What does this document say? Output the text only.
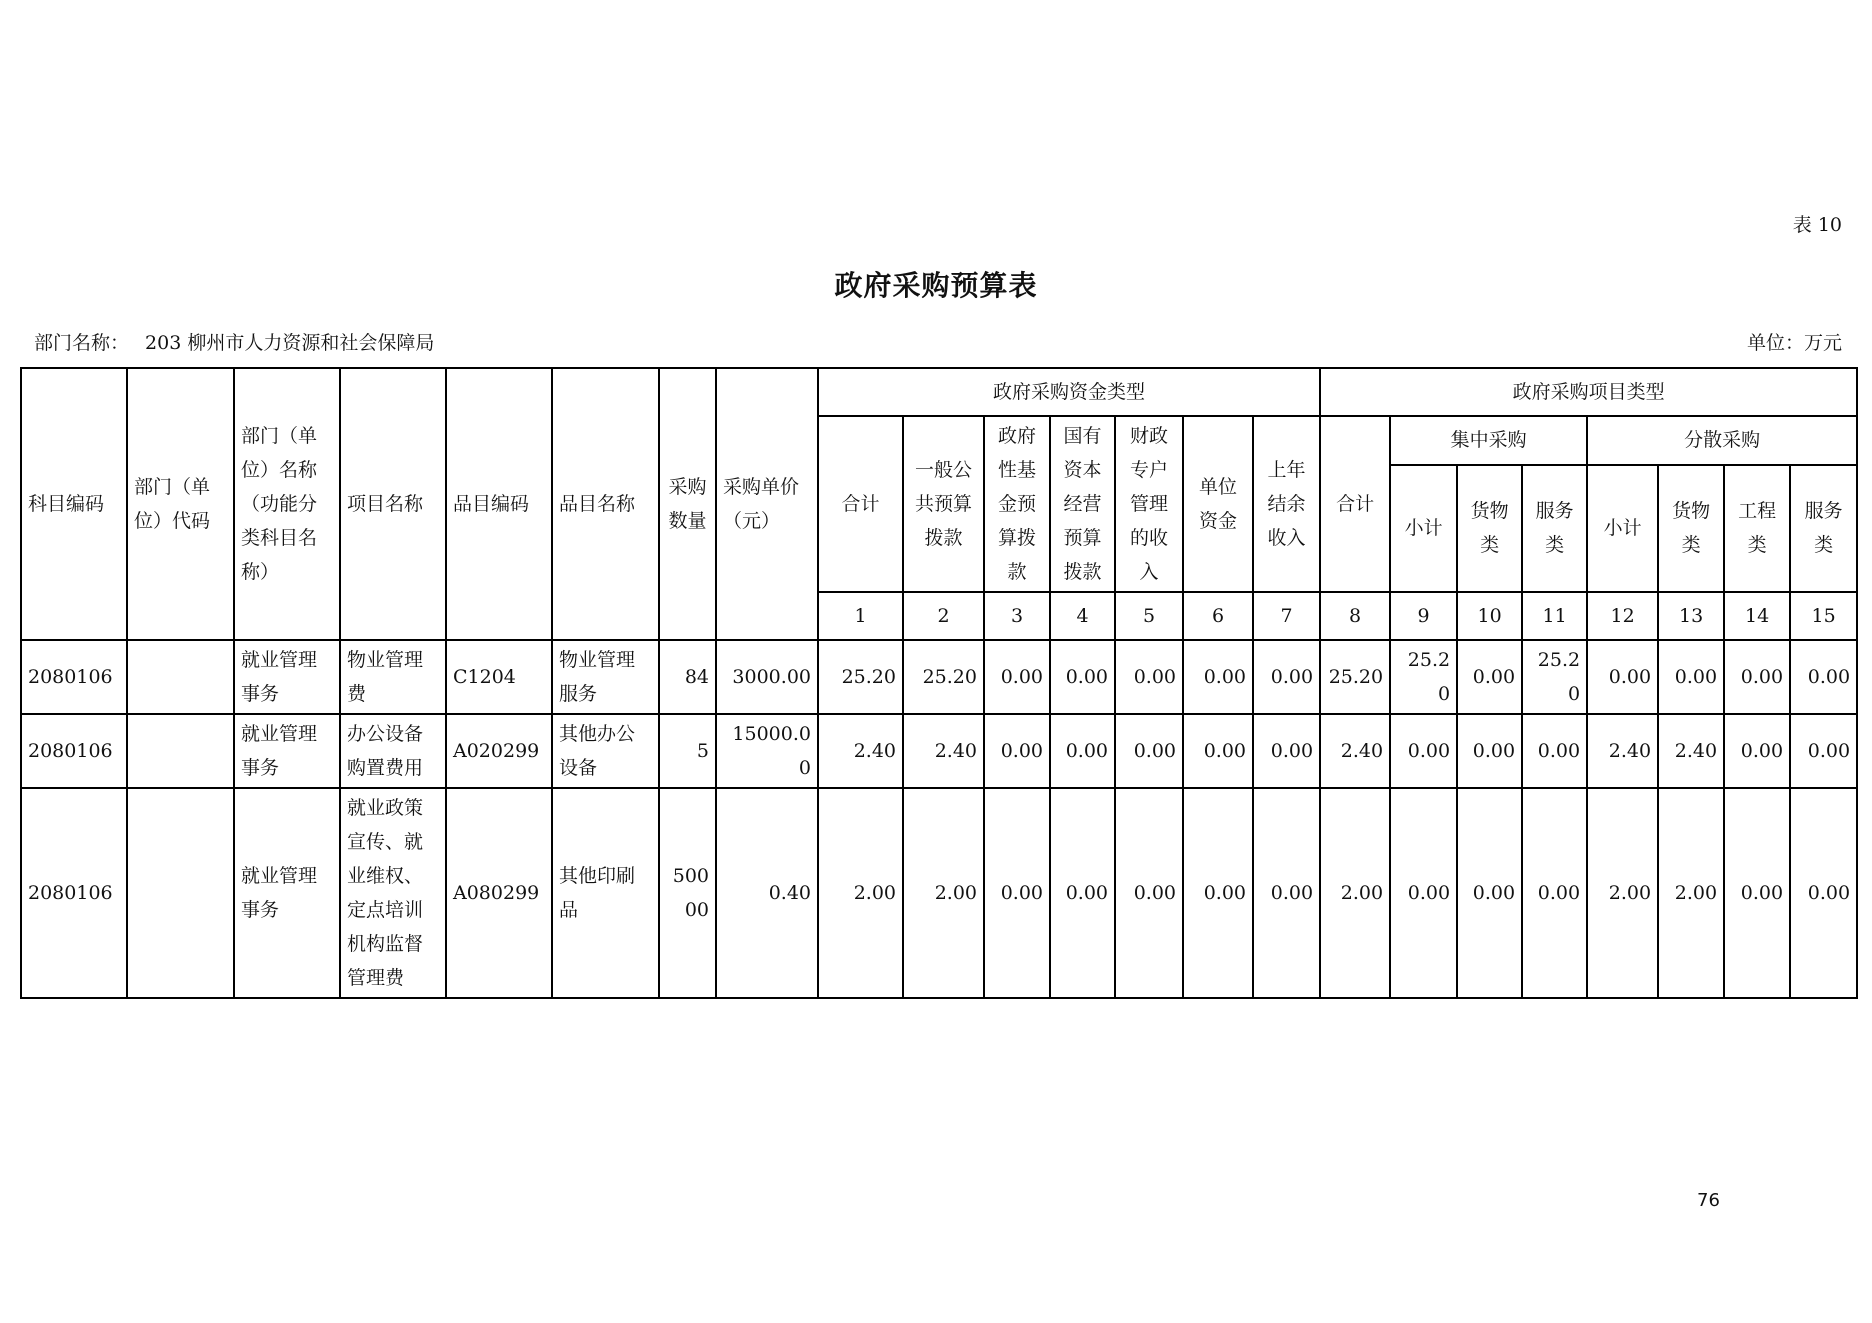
表 10
政府采购预算表
部门名称： 203 柳州市人力资源和社会保障局	单位：万元
科目编码	部门（单位）代码	部门（单位）名称（功能分类科目名称）	项目名称	品目编码	品目名称	采购数量	采购单价（元）	政府采购资金类型							政府采购项目类型							
								合计	一般公共预算拨款	政府性基金预算拨款	国有资本经营预算拨款	财政专户管理的收入	单位资金	上年结余收入	合计	集中采购			分散采购			
																小计	货物类	服务类	小计	货物类	工程类	服务类
								1	2	3	4	5	6	7	8	9	10	11	12	13	14	15
2080106		就业管理事务	物业管理费	C1204	物业管理服务	84	3000.00	25.20	25.20	0.00	0.00	0.00	0.00	0.00	25.20	25.20	0.00	25.20	0.00	0.00	0.00	0.00
2080106		就业管理事务	办公设备购置费用	A020299	其他办公设备	5	15000.00	2.40	2.40	0.00	0.00	0.00	0.00	0.00	2.40	0.00	0.00	0.00	2.40	2.40	0.00	0.00
2080106		就业管理事务	就业政策宣传、就业维权、定点培训机构监督管理费	A080299	其他印刷品	50000	0.40	2.00	2.00	0.00	0.00	0.00	0.00	0.00	2.00	0.00	0.00	0.00	2.00	2.00	0.00	0.00
76
